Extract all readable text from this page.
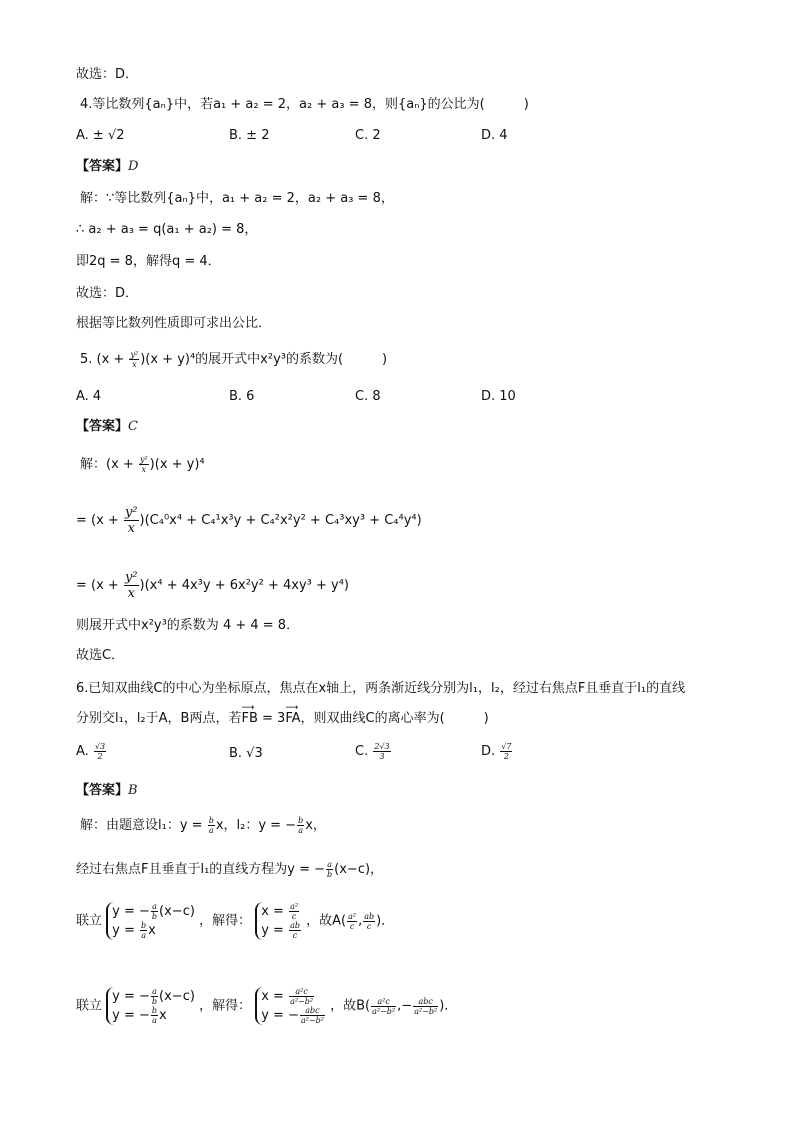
故选：D．
4.等比数列{aₙ}中，若a₁ + a₂ = 2，a₂ + a₃ = 8，则{aₙ}的公比为(　　　)
A. ± √2	B. ± 2	C. 2	D. 4
【答案】D
解：∵等比数列{aₙ}中，a₁ + a₂ = 2，a₂ + a₃ = 8，
∴ a₂ + a₃ = q(a₁ + a₂) = 8，
即2q = 8，解得q = 4．
故选：D．
根据等比数列性质即可求出公比．
5. $(x + \frac{\text{y²}}{x} )(x + y)^4$的展开式中x²y³的系数为(　　　)
A. 4	B. 6	C. 8	D. 10
【答案】C
解：$(x + \frac{\text{y²}}{x} )(x + y)^4$
= $(x + \frac{\text{y²}}{x} )(C_4^0x^4 + C_4^1x^3y + C_4^2x^2y^2 + C_4^3xy^3 + C_4^4y^4)$
= $(x + \frac{\text{y²}}{x} )(x^4 + 4x^3y + 6x^2y^2 + 4xy^3 + y^4)$
则展开式中x²y³的系数为 4 + 4 = 8．
故选C．
6.已知双曲线C的中心为坐标原点，焦点在x轴上，两条渐近线分别为l₁，l₂，经过右焦点F且垂直于l₁的直线
分别交l₁，l₂于A，B两点，若⟶ FB = 3⟶ FA，则双曲线C的离心率为(　　　)
A. $\frac{√3}{2}$	B. √3	C. $\frac{2√3}{3}$	D. $\frac{√7}{2}$
【答案】B
解：由题意设l₁：$y = \frac{b}{a}$ x，l₂：y = − $\frac{b}{a}$ x，
经过右焦点F且垂直于l₁的直线方程为y = − $\frac{a}{b} (x-c)$，
联立
y = − $\frac{a}{b} (x-c)$
$y = \frac{b}{a}$ x
，解得：
$x = \frac{\text{a²}}{c}$
$y = \frac{ab}{c}$ ，故$A( \frac{\text{a²}}{c}$ , $\frac{ab}{c}$ )．
联立
y = − $\frac{a}{b} (x-c)$
y = − $\frac{b}{a}$ x
，解得：
$x = \frac{\text{a²c}}{\text{a²−b²}}$
y = − $\frac{\text{abc}}{\text{a²−b²}}$ ，故$B( \frac{\text{a²c}}{\text{a²−b²}}$ ,− $\frac{\text{abc}}{\text{a²−b²}}$ )．
